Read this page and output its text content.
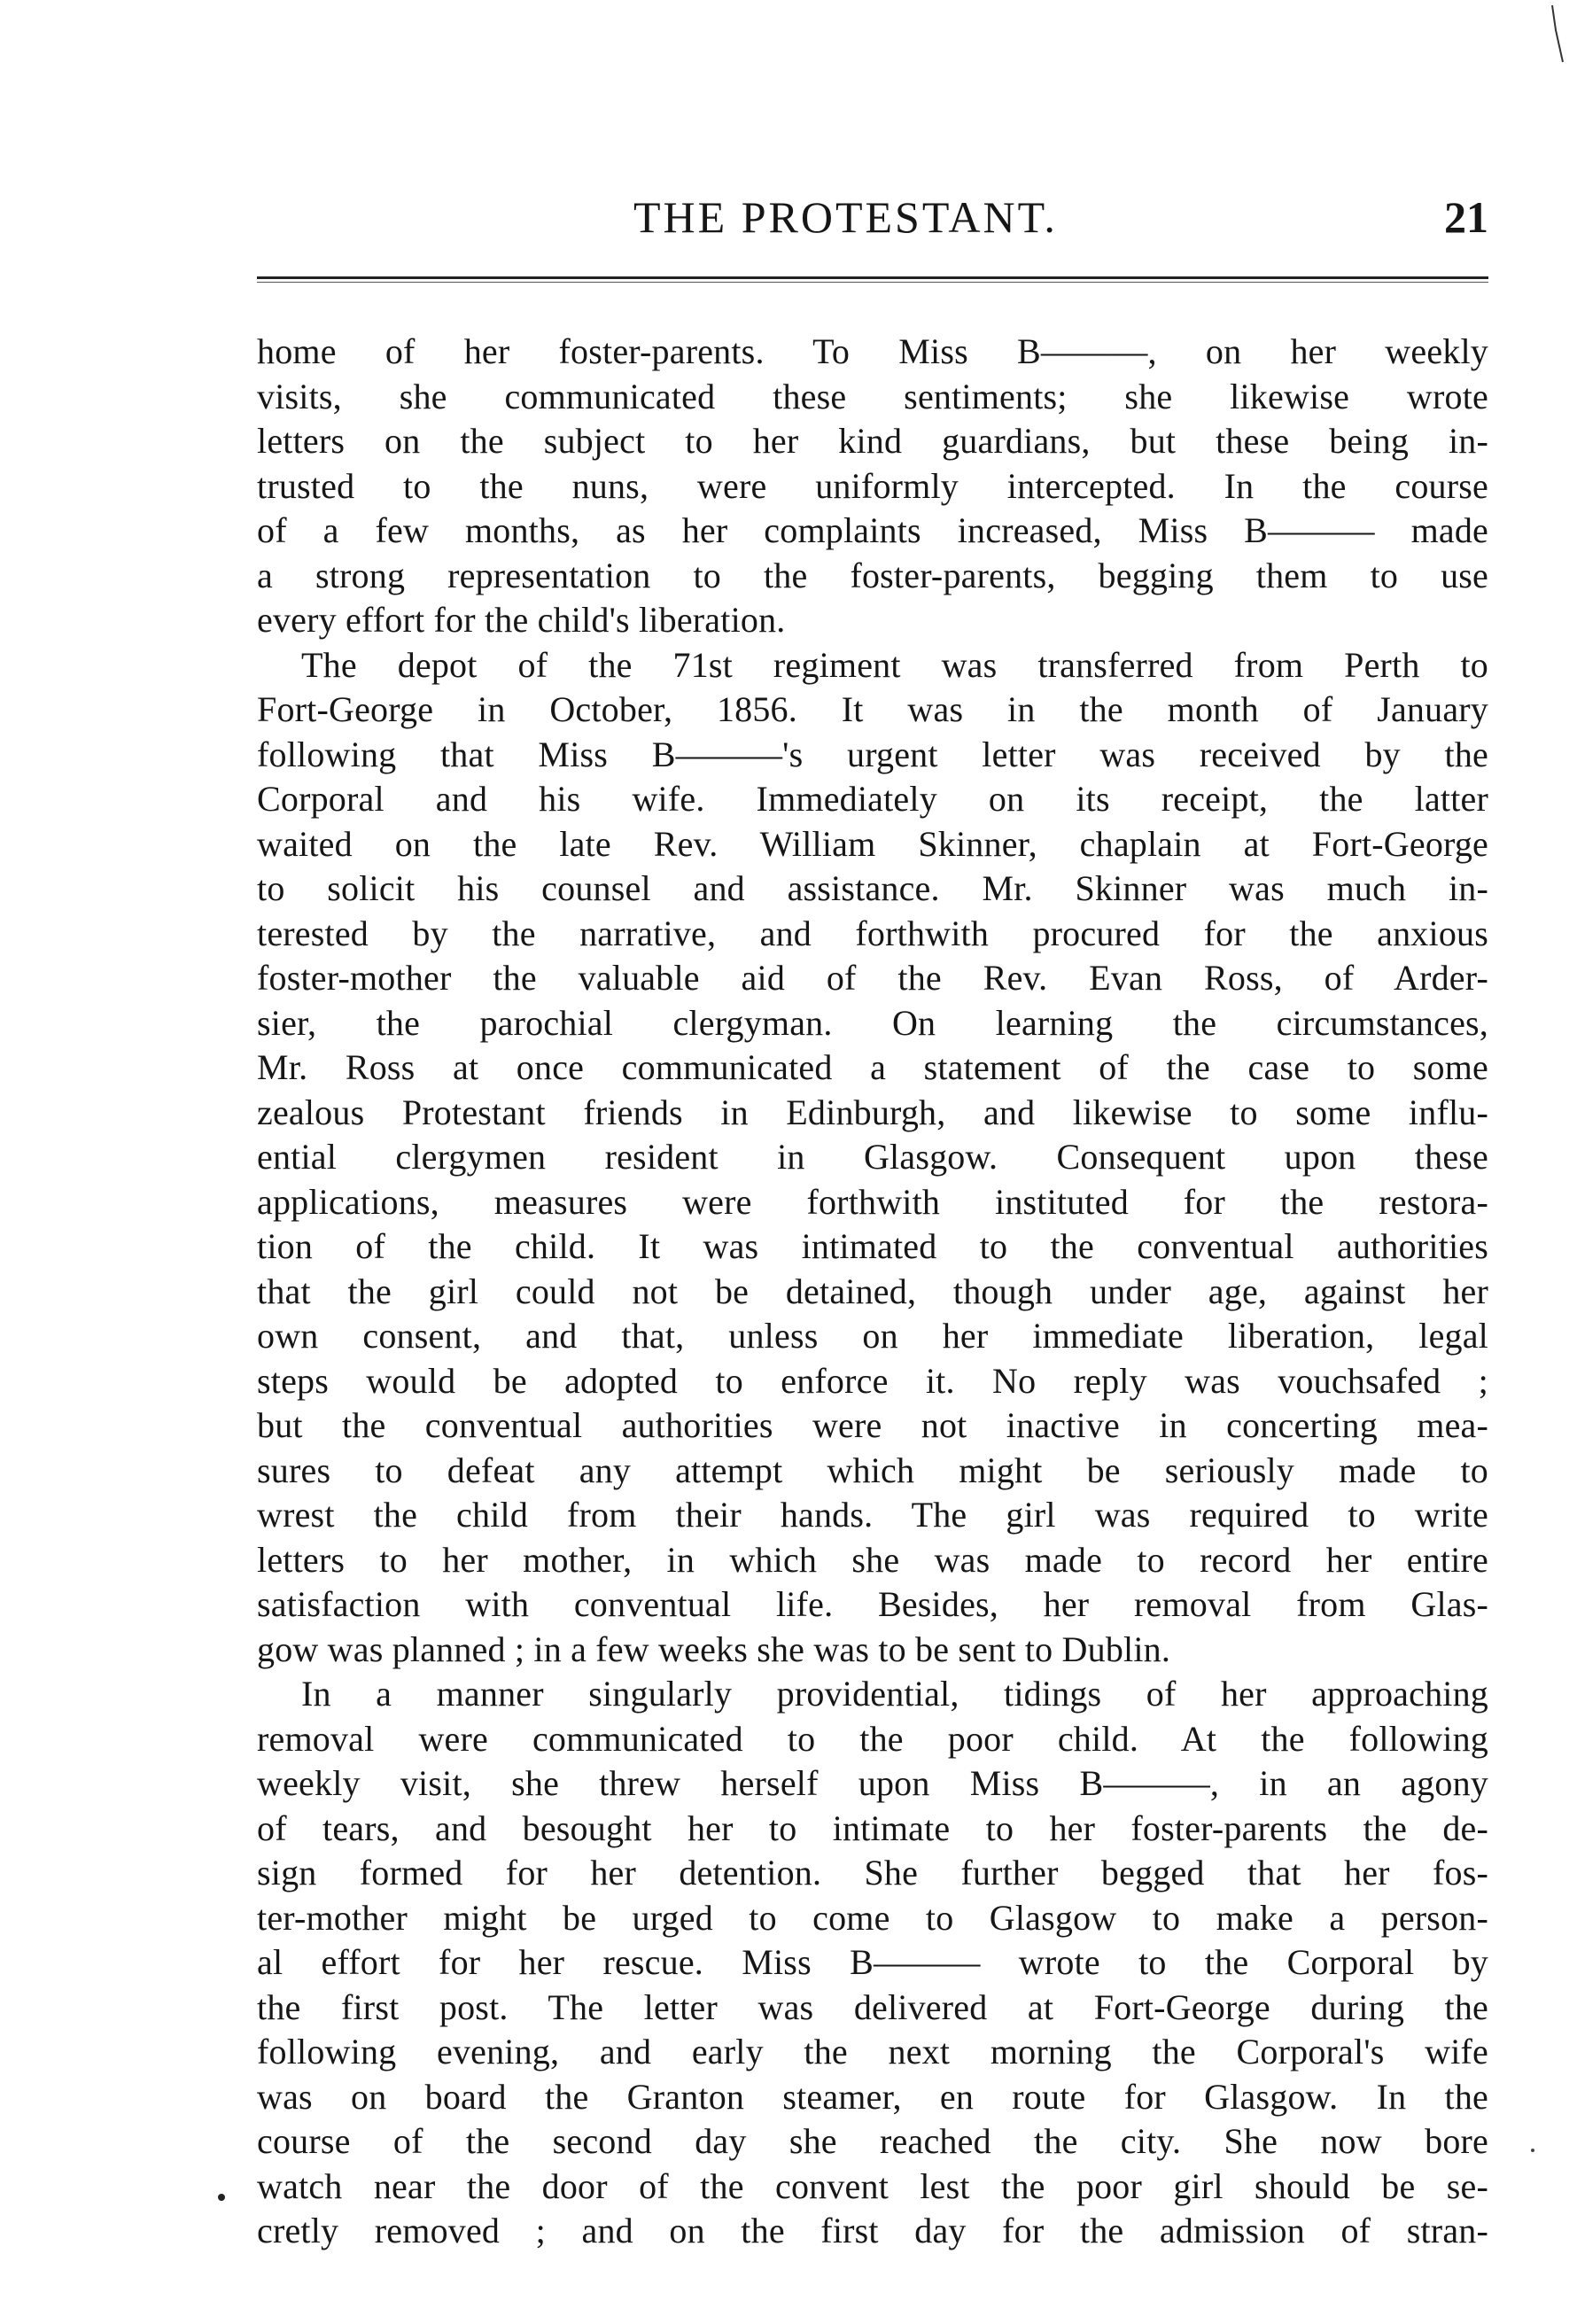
THE PROTESTANT.	21
home of her foster-parents. To Miss B———, on her weekly
visits, she communicated these sentiments; she likewise wrote
letters on the subject to her kind guardians, but these being in-
trusted to the nuns, were uniformly intercepted. In the course
of a few months, as her complaints increased, Miss B——— made
a strong representation to the foster-parents, begging them to use
every effort for the child's liberation.
The depot of the 71st regiment was transferred from Perth to
Fort-George in October, 1856. It was in the month of January
following that Miss B———'s urgent letter was received by the
Corporal and his wife. Immediately on its receipt, the latter
waited on the late Rev. William Skinner, chaplain at Fort-George
to solicit his counsel and assistance. Mr. Skinner was much in-
terested by the narrative, and forthwith procured for the anxious
foster-mother the valuable aid of the Rev. Evan Ross, of Arder-
sier, the parochial clergyman. On learning the circumstances,
Mr. Ross at once communicated a statement of the case to some
zealous Protestant friends in Edinburgh, and likewise to some influ-
ential clergymen resident in Glasgow. Consequent upon these
applications, measures were forthwith instituted for the restora-
tion of the child. It was intimated to the conventual authorities
that the girl could not be detained, though under age, against her
own consent, and that, unless on her immediate liberation, legal
steps would be adopted to enforce it. No reply was vouchsafed ;
but the conventual authorities were not inactive in concerting mea-
sures to defeat any attempt which might be seriously made to
wrest the child from their hands. The girl was required to write
letters to her mother, in which she was made to record her entire
satisfaction with conventual life. Besides, her removal from Glas-
gow was planned ; in a few weeks she was to be sent to Dublin.
In a manner singularly providential, tidings of her approaching
removal were communicated to the poor child. At the following
weekly visit, she threw herself upon Miss B———, in an agony
of tears, and besought her to intimate to her foster-parents the de-
sign formed for her detention. She further begged that her fos-
ter-mother might be urged to come to Glasgow to make a person-
al effort for her rescue. Miss B——— wrote to the Corporal by
the first post. The letter was delivered at Fort-George during the
following evening, and early the next morning the Corporal's wife
was on board the Granton steamer, en route for Glasgow. In the
course of the second day she reached the city. She now bore
watch near the door of the convent lest the poor girl should be se-
cretly removed ; and on the first day for the admission of stran-
